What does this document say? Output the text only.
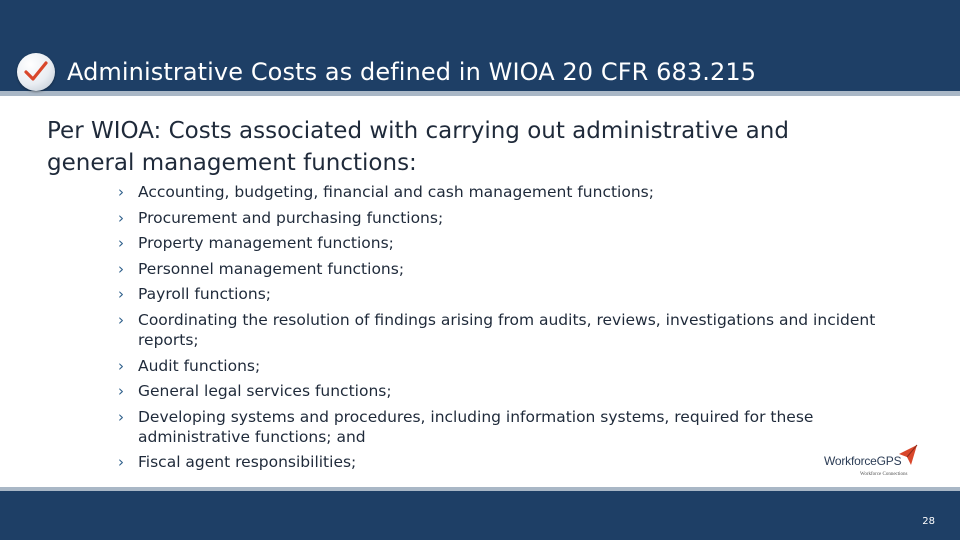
Administrative Costs as defined in WIOA 20 CFR 683.215
Per WIOA: Costs associated with carrying out administrative and general management functions:
› Accounting, budgeting, financial and cash management functions;
› Procurement and purchasing functions;
› Property management functions;
› Personnel management functions;
› Payroll functions;
› Coordinating the resolution of findings arising from audits, reviews, investigations and incident reports;
› Audit functions;
› General legal services functions;
› Developing systems and procedures, including information systems, required for these administrative functions; and
› Fiscal agent responsibilities;	WorkforceGPS
Workforce Connections
28
